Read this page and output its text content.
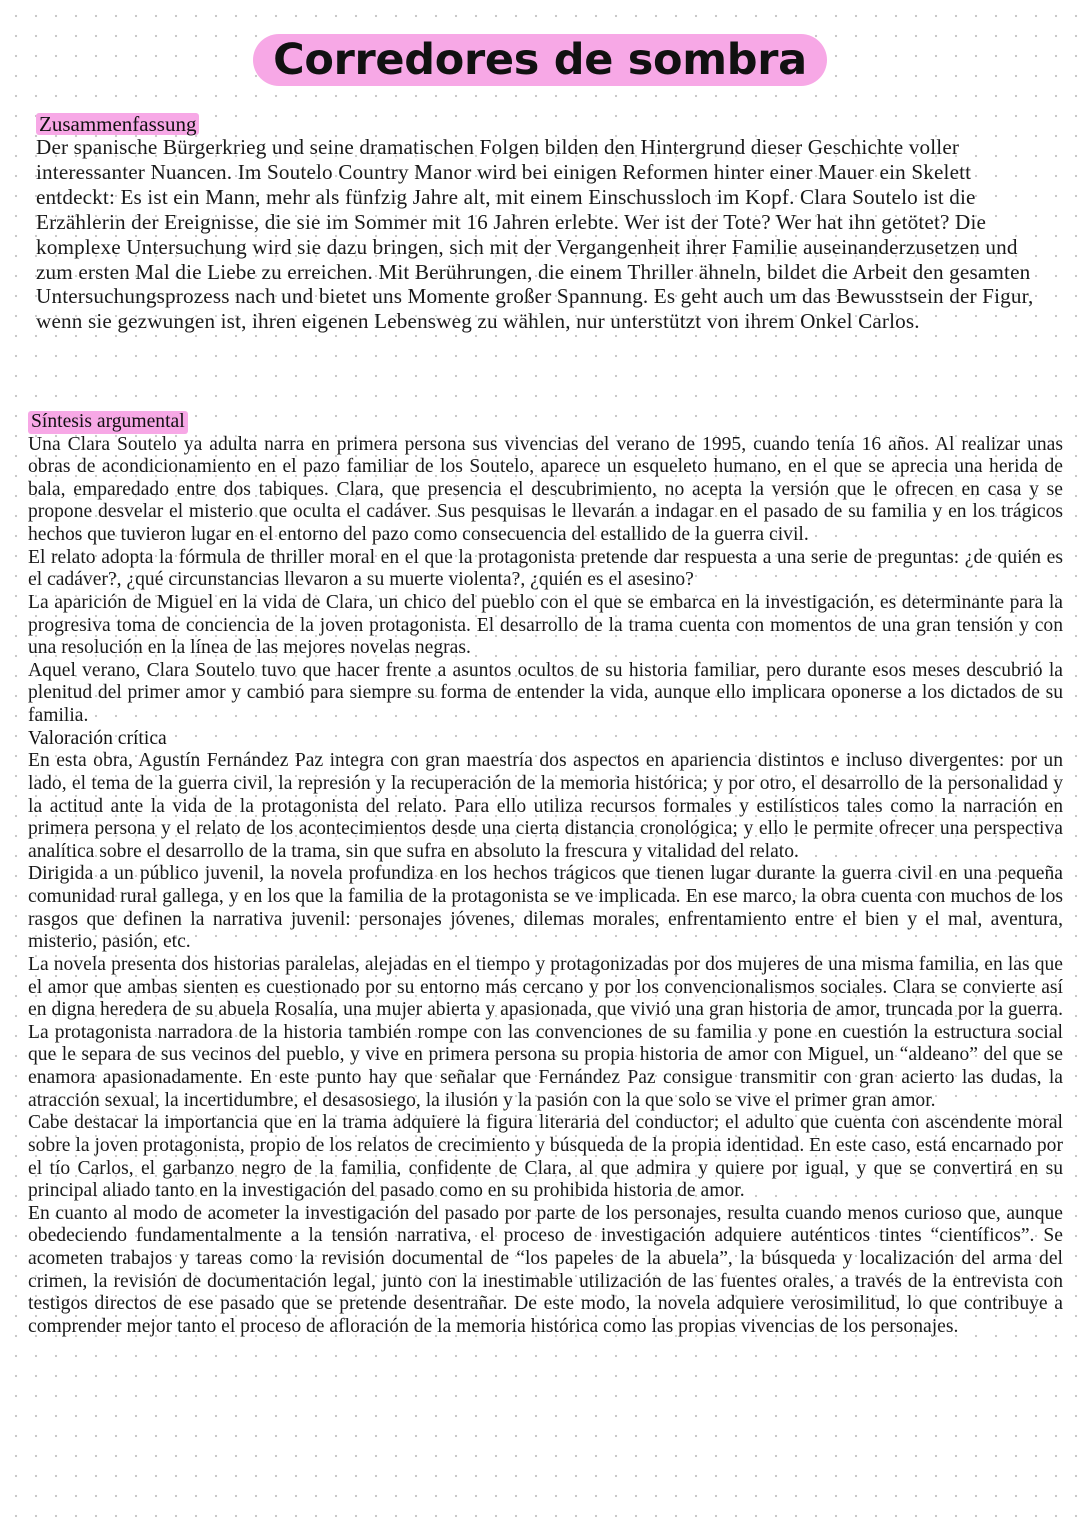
Corredores de sombra
Zusammenfassung
Der spanische Bürgerkrieg und seine dramatischen Folgen bilden den Hintergrund dieser Geschichte voller interessanter Nuancen. Im Soutelo Country Manor wird bei einigen Reformen hinter einer Mauer ein Skelett entdeckt: Es ist ein Mann, mehr als fünfzig Jahre alt, mit einem Einschussloch im Kopf. Clara Soutelo ist die Erzählerin der Ereignisse, die sie im Sommer mit 16 Jahren erlebte. Wer ist der Tote? Wer hat ihn getötet? Die komplexe Untersuchung wird sie dazu bringen, sich mit der Vergangenheit ihrer Familie auseinanderzusetzen und zum ersten Mal die Liebe zu erreichen. Mit Berührungen, die einem Thriller ähneln, bildet die Arbeit den gesamten Untersuchungsprozess nach und bietet uns Momente großer Spannung. Es geht auch um das Bewusstsein der Figur, wenn sie gezwungen ist, ihren eigenen Lebensweg zu wählen, nur unterstützt von ihrem Onkel Carlos.
Síntesis argumental

Una Clara Soutelo ya adulta narra en primera persona sus vivencias del verano de 1995, cuando tenía 16 años. Al realizar unas obras de acondicionamiento en el pazo familiar de los Soutelo, aparece un esqueleto humano, en el que se aprecia una herida de bala, emparedado entre dos tabiques. Clara, que presencia el descubrimiento, no acepta la versión que le ofrecen en casa y se propone desvelar el misterio que oculta el cadáver. Sus pesquisas le llevarán a indagar en el pasado de su familia y en los trágicos hechos que tuvieron lugar en el entorno del pazo como consecuencia del estallido de la guerra civil.

El relato adopta la fórmula de thriller moral en el que la protagonista pretende dar respuesta a una serie de preguntas: ¿de quién es el cadáver?, ¿qué circunstancias llevaron a su muerte violenta?, ¿quién es el asesino?

La aparición de Miguel en la vida de Clara, un chico del pueblo con el que se embarca en la investigación, es determinante para la progresiva toma de conciencia de la joven protagonista. El desarrollo de la trama cuenta con momentos de una gran tensión y con una resolución en la línea de las mejores novelas negras.

Aquel verano, Clara Soutelo tuvo que hacer frente a asuntos ocultos de su historia familiar, pero durante esos meses descubrió la plenitud del primer amor y cambió para siempre su forma de entender la vida, aunque ello implicara oponerse a los dictados de su familia.

Valoración crítica

En esta obra, Agustín Fernández Paz integra con gran maestría dos aspectos en apariencia distintos e incluso divergentes: por un lado, el tema de la guerra civil, la represión y la recuperación de la memoria histórica; y por otro, el desarrollo de la personalidad y la actitud ante la vida de la protagonista del relato. Para ello utiliza recursos formales y estilísticos tales como la narración en primera persona y el relato de los acontecimientos desde una cierta distancia cronológica; y ello le permite ofrecer una perspectiva analítica sobre el desarrollo de la trama, sin que sufra en absoluto la frescura y vitalidad del relato.

Dirigida a un público juvenil, la novela profundiza en los hechos trágicos que tienen lugar durante la guerra civil en una pequeña comunidad rural gallega, y en los que la familia de la protagonista se ve implicada. En ese marco, la obra cuenta con muchos de los rasgos que definen la narrativa juvenil: personajes jóvenes, dilemas morales, enfrentamiento entre el bien y el mal, aventura, misterio, pasión, etc.

La novela presenta dos historias paralelas, alejadas en el tiempo y protagonizadas por dos mujeres de una misma familia, en las que el amor que ambas sienten es cuestionado por su entorno más cercano y por los convencionalismos sociales. Clara se convierte así en digna heredera de su abuela Rosalía, una mujer abierta y apasionada, que vivió una gran historia de amor, truncada por la guerra. La protagonista narradora de la historia también rompe con las convenciones de su familia y pone en cuestión la estructura social que le separa de sus vecinos del pueblo, y vive en primera persona su propia historia de amor con Miguel, un “aldeano” del que se enamora apasionadamente. En este punto hay que señalar que Fernández Paz consigue transmitir con gran acierto las dudas, la atracción sexual, la incertidumbre, el desasosiego, la ilusión y la pasión con la que solo se vive el primer gran amor.

Cabe destacar la importancia que en la trama adquiere la figura literaria del conductor; el adulto que cuenta con ascendente moral sobre la joven protagonista, propio de los relatos de crecimiento y búsqueda de la propia identidad. En este caso, está encarnado por el tío Carlos, el garbanzo negro de la familia, confidente de Clara, al que admira y quiere por igual, y que se convertirá en su principal aliado tanto en la investigación del pasado como en su prohibida historia de amor.

En cuanto al modo de acometer la investigación del pasado por parte de los personajes, resulta cuando menos curioso que, aunque obedeciendo fundamentalmente a la tensión narrativa, el proceso de investigación adquiere auténticos tintes “científicos”. Se acometen trabajos y tareas como la revisión documental de “los papeles de la abuela”, la búsqueda y localización del arma del crimen, la revisión de documentación legal, junto con la inestimable utilización de las fuentes orales, a través de la entrevista con testigos directos de ese pasado que se pretende desentrañar. De este modo, la novela adquiere verosimilitud, lo que contribuye a comprender mejor tanto el proceso de afloración de la memoria histórica como las propias vivencias de los personajes.
